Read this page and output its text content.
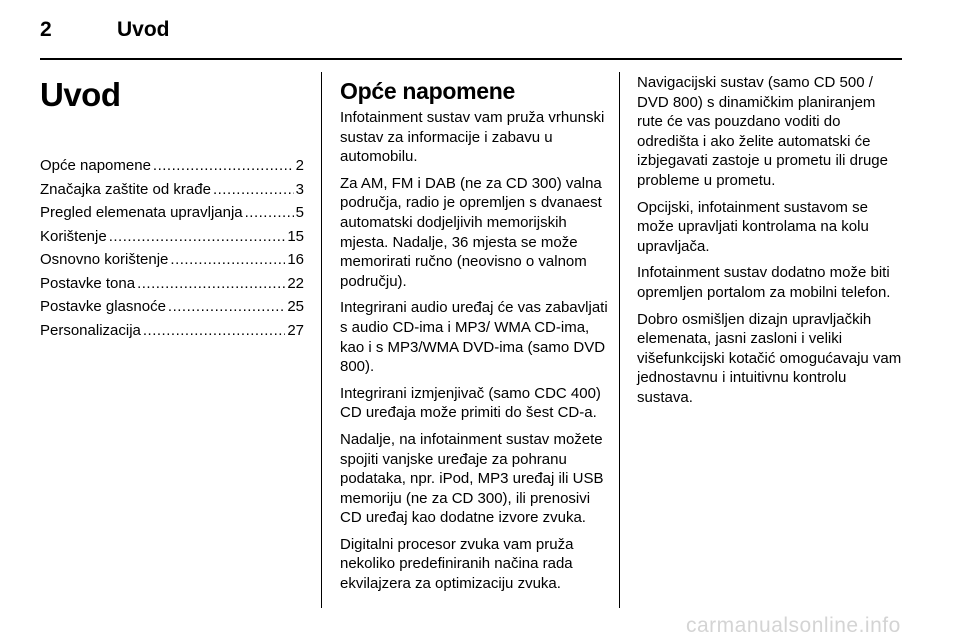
2	Uvod
Uvod
Opće napomene .....	2
Značajka zaštite od krađe .....	3
Pregled elemenata upravljanja .....	5
Korištenje .....	15
Osnovno korištenje .....	16
Postavke tona .....	22
Postavke glasnoće .....	25
Personalizacija .....	27
Opće napomene

Infotainment sustav vam pruža vrhunski sustav za informacije i zabavu u automobilu.

Za AM, FM i DAB (ne za CD 300) valna područja, radio je opremljen s dvanaest automatski dodjeljivih memorijskih mjesta. Nadalje, 36 mjesta se može memorirati ručno (neovisno o valnom području).

Integrirani audio uređaj će vas zabavljati s audio CD-ima i MP3/ WMA CD-ima, kao i s MP3/WMA DVD-ima (samo DVD 800).

Integrirani izmjenjivač (samo CDC 400) CD uređaja može primiti do šest CD-a.

Nadalje, na infotainment sustav možete spojiti vanjske uređaje za pohranu podataka, npr. iPod, MP3 uređaj ili USB memoriju (ne za CD 300), ili prenosivi CD uređaj kao dodatne izvore zvuka.

Digitalni procesor zvuka vam pruža nekoliko predefiniranih načina rada ekvilajzera za optimizaciju zvuka.

Navigacijski sustav (samo CD 500 / DVD 800) s dinamičkim planiranjem rute će vas pouzdano voditi do odredišta i ako želite automatski će izbjegavati zastoje u prometu ili druge probleme u prometu.

Opcijski, infotainment sustavom se može upravljati kontrolama na kolu upravljača.

Infotainment sustav dodatno može biti opremljen portalom za mobilni telefon.

Dobro osmišljen dizajn upravljačkih elemenata, jasni zasloni i veliki višefunkcijski kotačić omogućavaju vam jednostavnu i intuitivnu kontrolu sustava.

carmanualsonline.info
